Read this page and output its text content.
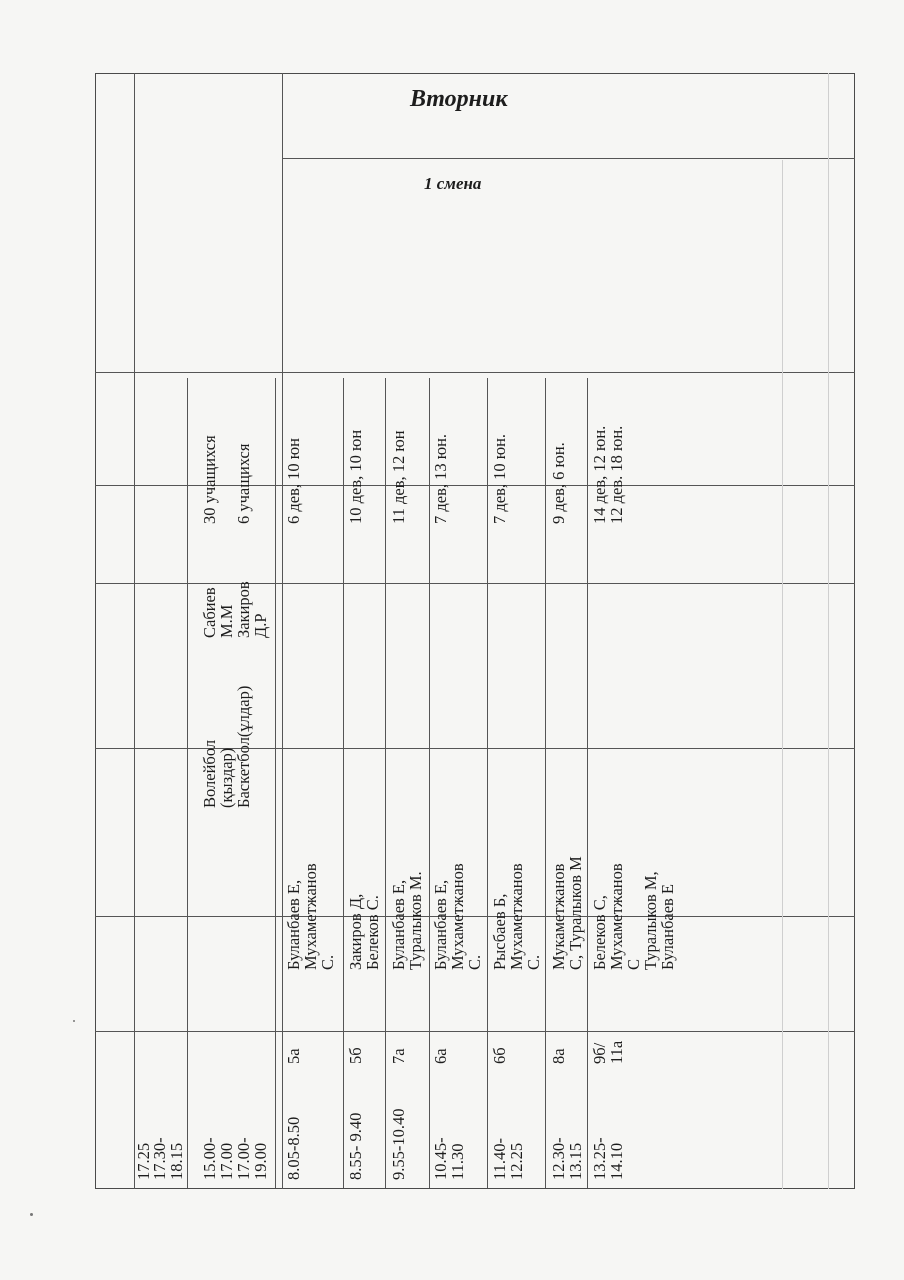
Вторник
1 смена
17.25
17.30-
18.15 15.00-
17.00
Волейбол
(қыздар)
Сабиев
М.М
30 учащихся
17.00-
19.00
Баскетбол(ұлдар)
Закиров
Д.Р
6 учащихся
8.05-8.50
5а
Буланбаев Е,
Мухаметжанов
С.
6 дев, 10 юн
8.55- 9.40
5б
Закиров Д,
Белеков С.
10 дев, 10 юн
9.55-10.40
7а
Буланбаев Е,
Туралыков М.
11 дев, 12 юн
10.45-
11.30
6а
Буланбаев Е,
Мухаметжанов
С.
7 дев, 13 юн.
11.40-
12.25
6б
Рысбаев Б,
Мухаметжанов
С.
7 дев, 10 юн.
12.30-
13.15
8а
Мукаметжанов
С, Туралыков М
9 дев, 6 юн.
13.25-
14.10
9б/
11а
Белеков С,
Мухаметжанов
С
Туралыков М,
Буланбаев Е
14 дев, 12 юн.
12 дев. 18 юн.
